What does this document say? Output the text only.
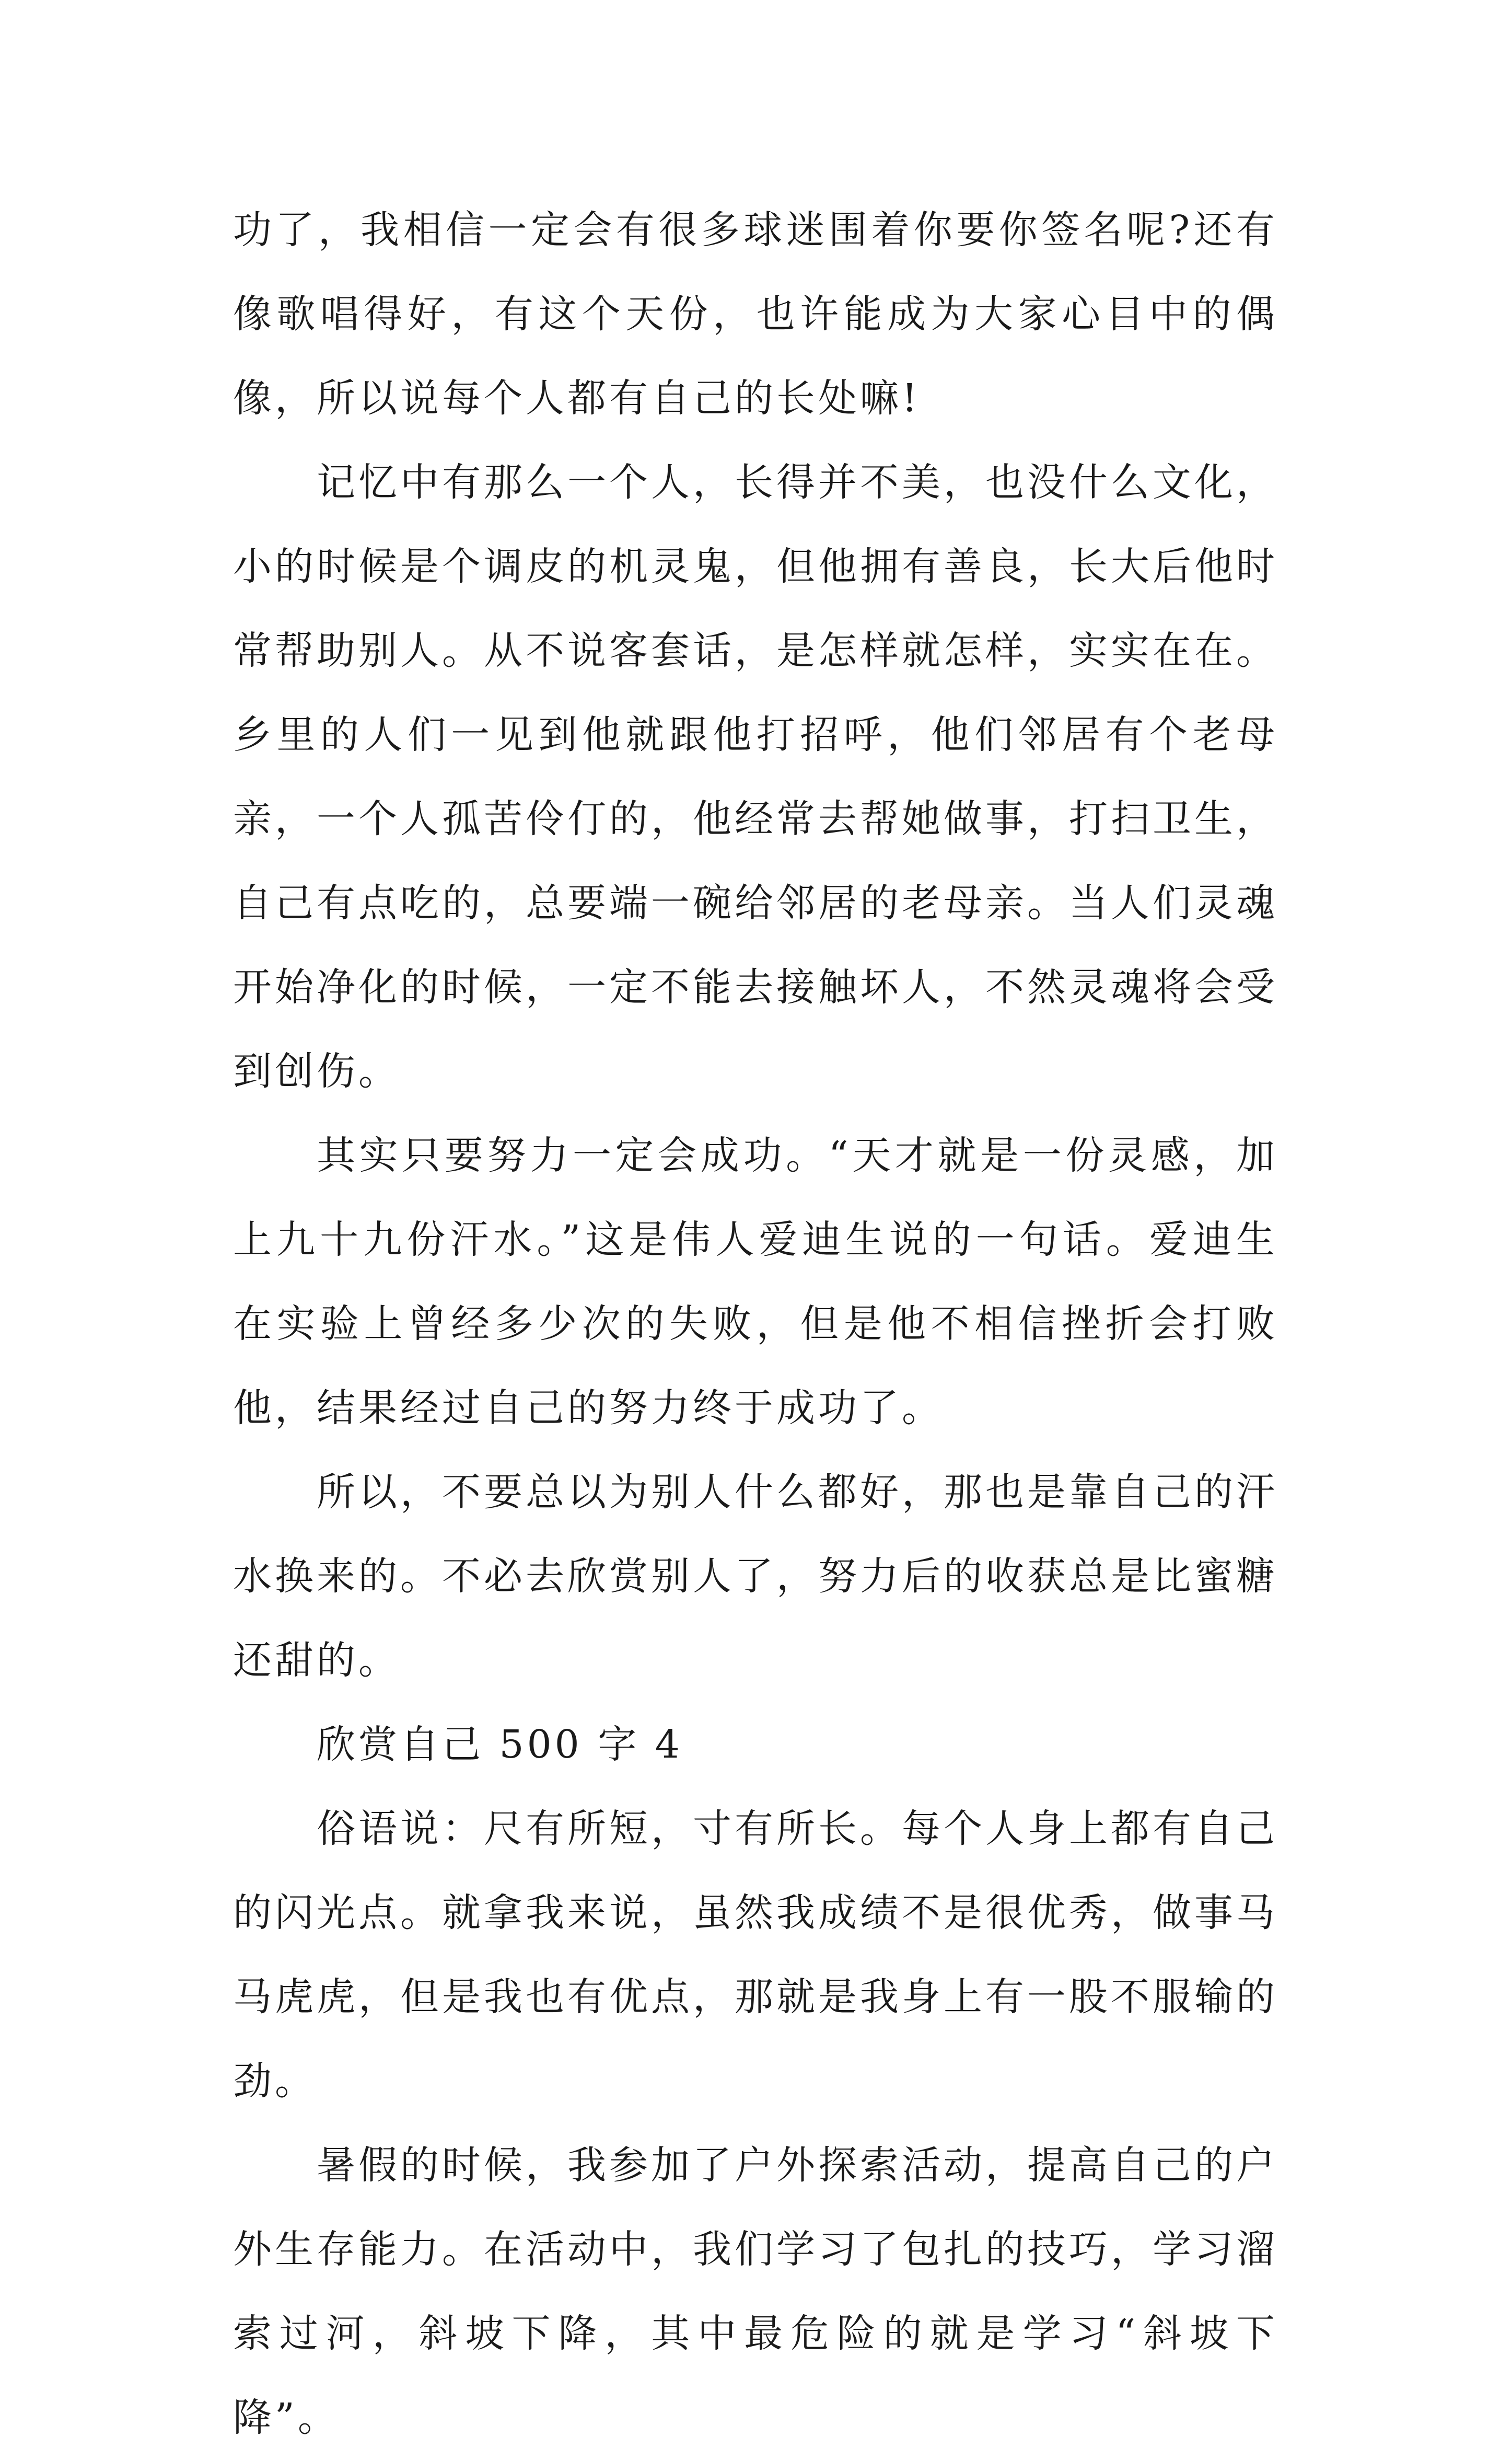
功了，我相信一定会有很多球迷围着你要你签名呢?还有像歌唱得好，有这个天份，也许能成为大家心目中的偶像，所以说每个人都有自己的长处嘛!

记忆中有那么一个人，长得并不美，也没什么文化，小的时候是个调皮的机灵鬼，但他拥有善良，长大后他时常帮助别人。从不说客套话，是怎样就怎样，实实在在。乡里的人们一见到他就跟他打招呼，他们邻居有个老母亲，一个人孤苦伶仃的，他经常去帮她做事，打扫卫生，自己有点吃的，总要端一碗给邻居的老母亲。当人们灵魂开始净化的时候，一定不能去接触坏人，不然灵魂将会受到创伤。

其实只要努力一定会成功。“天才就是一份灵感，加上九十九份汗水。”这是伟人爱迪生说的一句话。爱迪生在实验上曾经多少次的失败，但是他不相信挫折会打败他，结果经过自己的努力终于成功了。

所以，不要总以为别人什么都好，那也是靠自己的汗水换来的。不必去欣赏别人了，努力后的收获总是比蜜糖还甜的。

欣赏自己 500 字 4

俗语说：尺有所短，寸有所长。每个人身上都有自己的闪光点。就拿我来说，虽然我成绩不是很优秀，做事马马虎虎，但是我也有优点，那就是我身上有一股不服输的劲。

暑假的时候，我参加了户外探索活动，提高自己的户外生存能力。在活动中，我们学习了包扎的技巧，学习溜索过河，斜坡下降，其中最危险的就是学习“斜坡下降”。
